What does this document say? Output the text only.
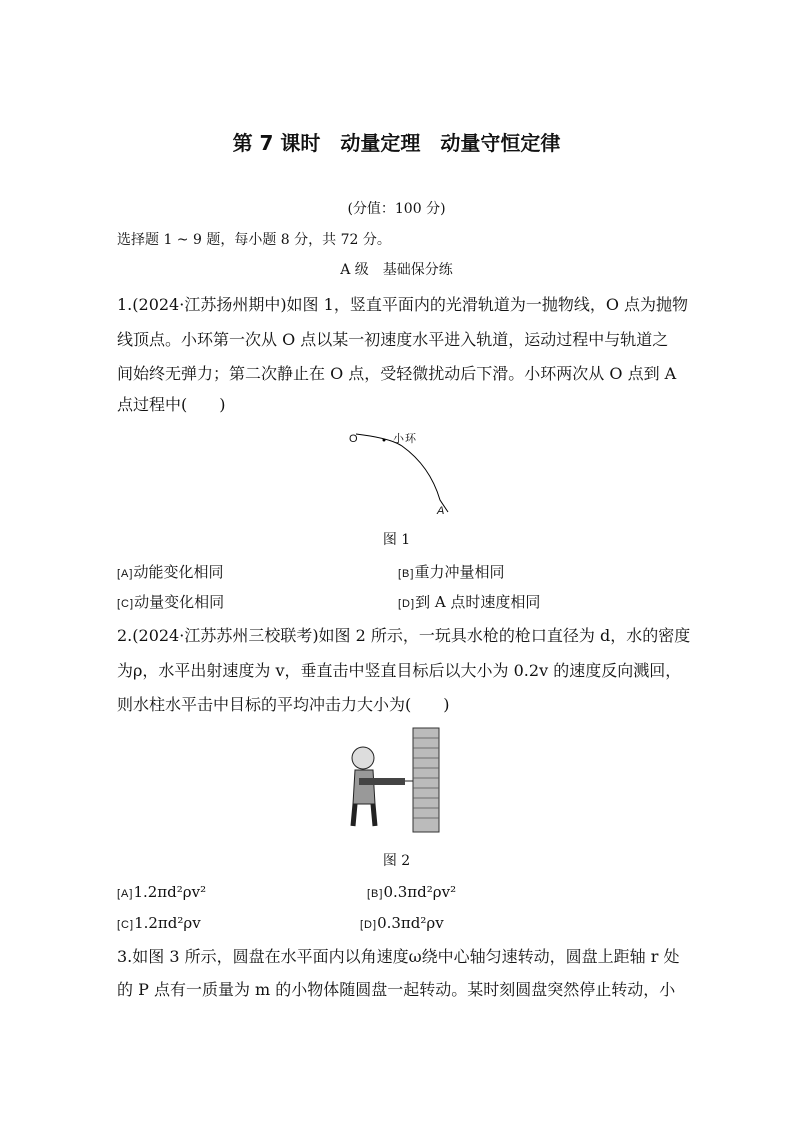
第 7 课时　动量定理　动量守恒定律
(分值：100 分)
选择题 1 ~ 9 题，每小题 8 分，共 72 分。
A 级　基础保分练
1.(2024·江苏扬州期中)如图 1，竖直平面内的光滑轨道为一抛物线，O 点为抛物
线顶点。小环第一次从 O 点以某一初速度水平进入轨道，运动过程中与轨道之
间始终无弹力；第二次静止在 O 点，受轻微扰动后下滑。小环两次从 O 点到 A
点过程中(　　)
O	小环
A
图 1
[A]动能变化相同	[B]重力冲量相同
[C]动量变化相同	[D]到 A 点时速度相同
2.(2024·江苏苏州三校联考)如图 2 所示，一玩具水枪的枪口直径为 d，水的密度
为ρ，水平出射速度为 v，垂直击中竖直目标后以大小为 0.2v 的速度反向溅回，
则水柱水平击中目标的平均冲击力大小为(　　)
图 2
[A]1.2πd²ρv²	[B]0.3πd²ρv²
[C]1.2πd²ρv	[D]0.3πd²ρv
3.如图 3 所示，圆盘在水平面内以角速度ω绕中心轴匀速转动，圆盘上距轴 r 处
的 P 点有一质量为 m 的小物体随圆盘一起转动。某时刻圆盘突然停止转动，小
